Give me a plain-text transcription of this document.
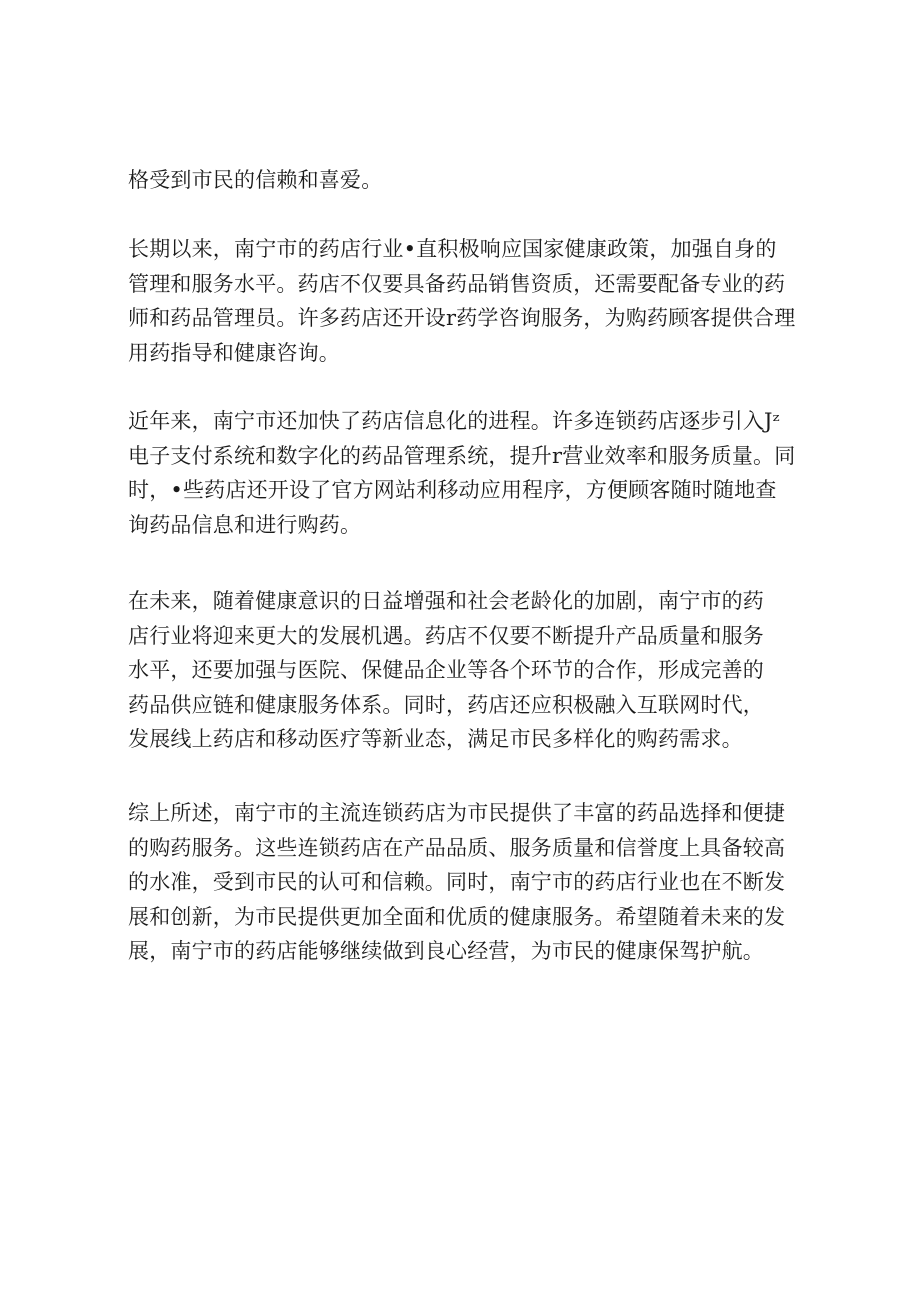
格受到市民的信赖和喜爱。
长期以来，南宁市的药店行业•直积极响应国家健康政策，加强自身的
管理和服务水平。药店不仅要具备药品销售资质，还需要配备专业的药
师和药品管理员。许多药店还开设r药学咨询服务，为购药顾客提供合理
用药指导和健康咨询。
近年来，南宁市还加快了药店信息化的进程。许多连锁药店逐步引入Jᶻ
电子支付系统和数字化的药品管理系统，提升r营业效率和服务质量。同
时，•些药店还开设了官方网站利移动应用程序，方便顾客随时随地查
询药品信息和进行购药。
在未来，随着健康意识的日益增强和社会老龄化的加剧，南宁市的药
店行业将迎来更大的发展机遇。药店不仅要不断提升产品质量和服务
水平，还要加强与医院、保健品企业等各个环节的合作，形成完善的
药品供应链和健康服务体系。同时，药店还应积极融入互联网时代，
发展线上药店和移动医疗等新业态，满足市民多样化的购药需求。
综上所述，南宁市的主流连锁药店为市民提供了丰富的药品选择和便捷
的购药服务。这些连锁药店在产品品质、服务质量和信誉度上具备较高
的水准，受到市民的认可和信赖。同时，南宁市的药店行业也在不断发
展和创新，为市民提供更加全面和优质的健康服务。希望随着未来的发
展，南宁市的药店能够继续做到良心经营，为市民的健康保驾护航。
